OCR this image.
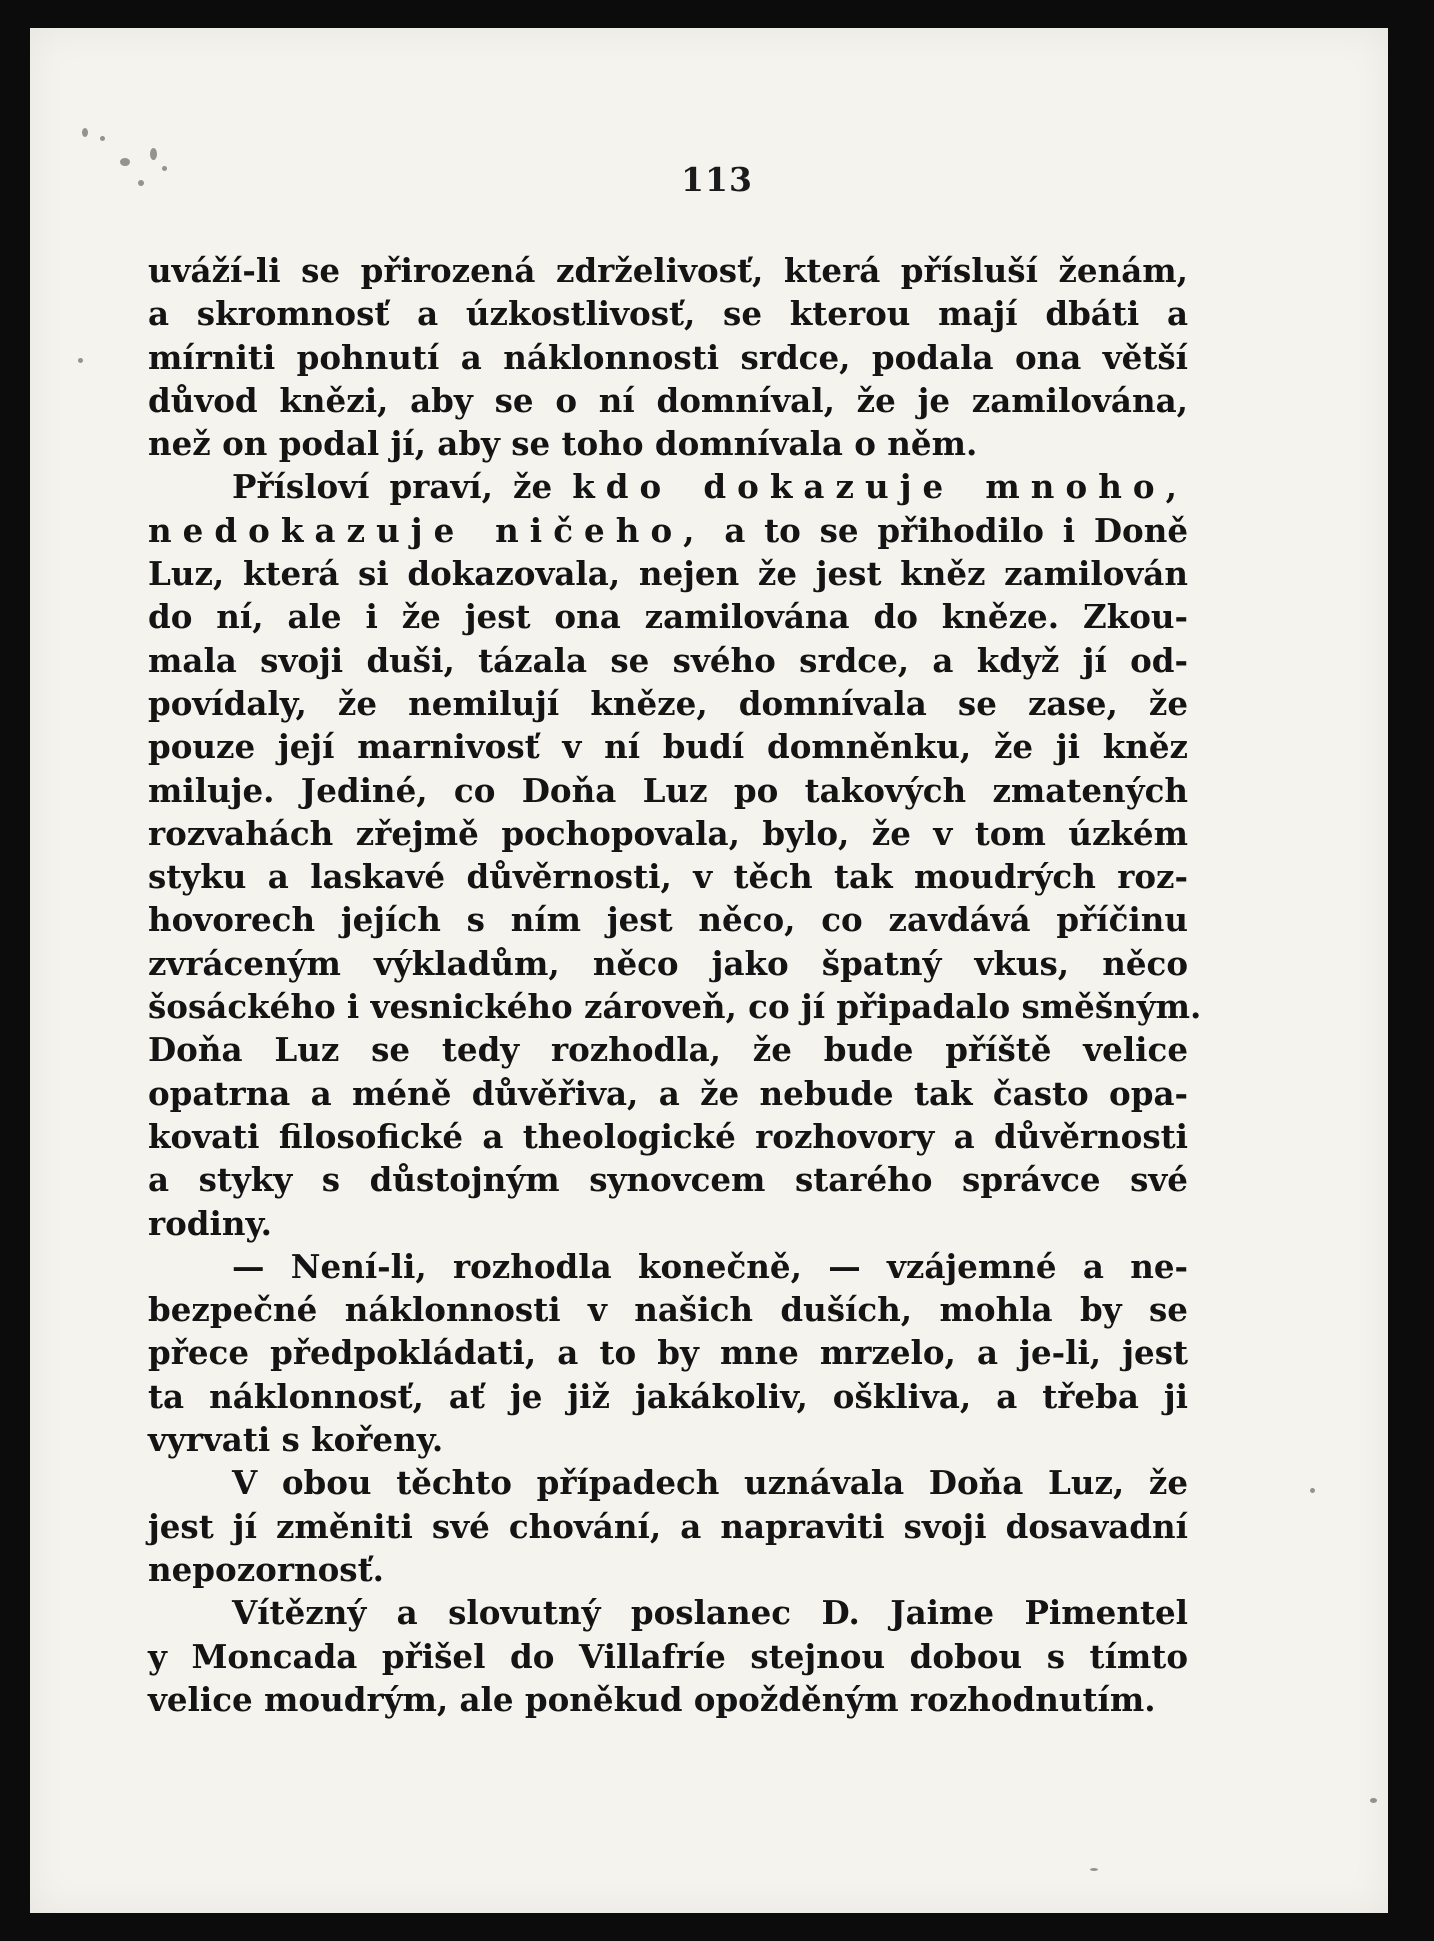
113
uváží-li se přirozená zdrželivosť, která přísluší ženám,
a skromnosť a úzkostlivosť, se kterou mají dbáti a
mírniti pohnutí a náklonnosti srdce, podala ona větší
důvod knězi, aby se o ní domníval, že je zamilována,
než on podal jí, aby se toho domnívala o něm.
Přísloví praví, že kdo dokazuje mnoho,
nedokazuje ničeho, a to se přihodilo i Doně
Luz, která si dokazovala, nejen že jest kněz zamilován
do ní, ale i že jest ona zamilována do kněze. Zkou-
mala svoji duši, tázala se svého srdce, a když jí od-
povídaly, že nemilují kněze, domnívala se zase, že
pouze její marnivosť v ní budí domněnku, že ji kněz
miluje. Jediné, co Doňa Luz po takových zmatených
rozvahách zřejmě pochopovala, bylo, že v tom úzkém
styku a laskavé důvěrnosti, v těch tak moudrých roz-
hovorech jejích s ním jest něco, co zavdává příčinu
zvráceným výkladům, něco jako špatný vkus, něco
šosáckého i vesnického zároveň, co jí připadalo směšným.
Doňa Luz se tedy rozhodla, že bude příště velice
opatrna a méně důvěřiva, a že nebude tak často opa-
kovati filosofické a theologické rozhovory a důvěrnosti
a styky s důstojným synovcem starého správce své
rodiny.
— Není-li, rozhodla konečně, — vzájemné a ne-
bezpečné náklonnosti v našich duších, mohla by se
přece předpokládati, a to by mne mrzelo, a je-li, jest
ta náklonnosť, ať je již jakákoliv, oškliva, a třeba ji
vyrvati s kořeny.
V obou těchto případech uznávala Doňa Luz, že
jest jí změniti své chování, a napraviti svoji dosavadní
nepozornosť.
Vítězný a slovutný poslanec D. Jaime Pimentel
y Moncada přišel do Villafríe stejnou dobou s tímto
velice moudrým, ale poněkud opožděným rozhodnutím.
